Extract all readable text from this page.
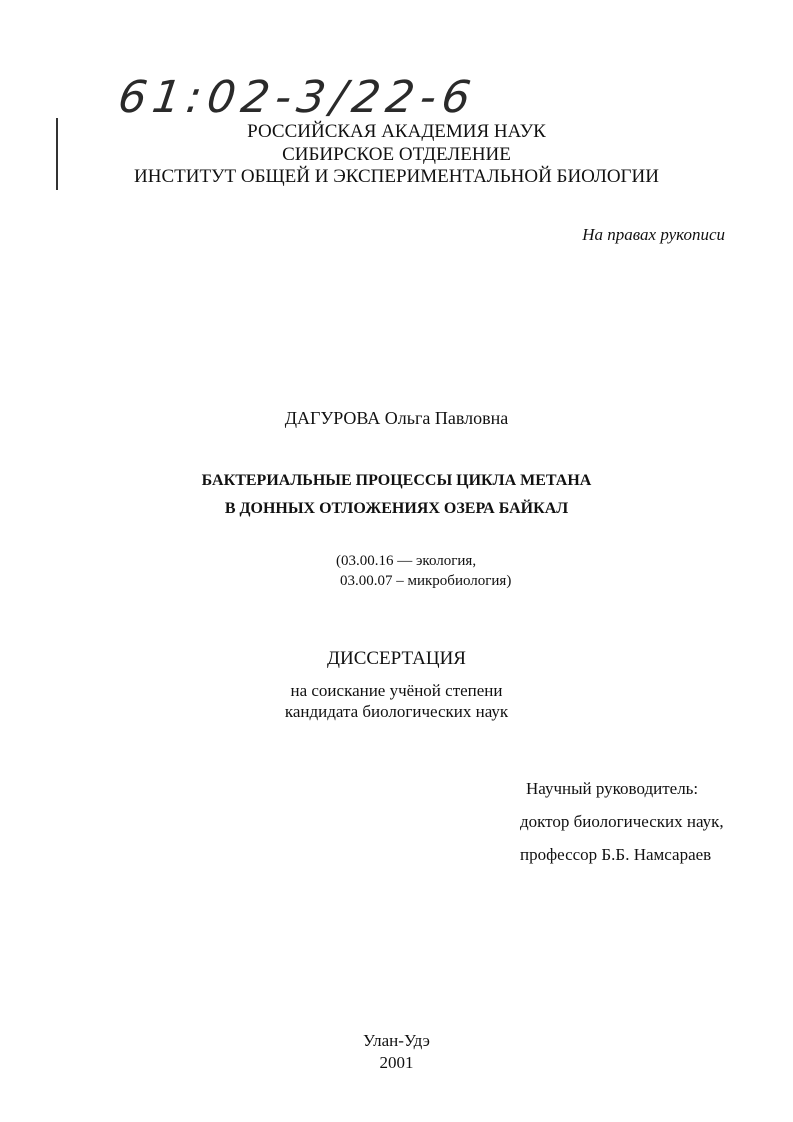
61:02-3/22-6
РОССИЙСКАЯ АКАДЕМИЯ НАУК
СИБИРСКОЕ ОТДЕЛЕНИЕ
ИНСТИТУТ ОБЩЕЙ И ЭКСПЕРИМЕНТАЛЬНОЙ БИОЛОГИИ
На правах рукописи
ДАГУРОВА Ольга Павловна
БАКТЕРИАЛЬНЫЕ ПРОЦЕССЫ ЦИКЛА МЕТАНА
В ДОННЫХ ОТЛОЖЕНИЯХ ОЗЕРА БАЙКАЛ
(03.00.16 — экология,
03.00.07 – микробиология)
ДИССЕРТАЦИЯ
на соискание учёной степени
кандидата биологических наук
Научный руководитель:
доктор биологических наук,
профессор Б.Б. Намсараев
Улан-Удэ
2001
